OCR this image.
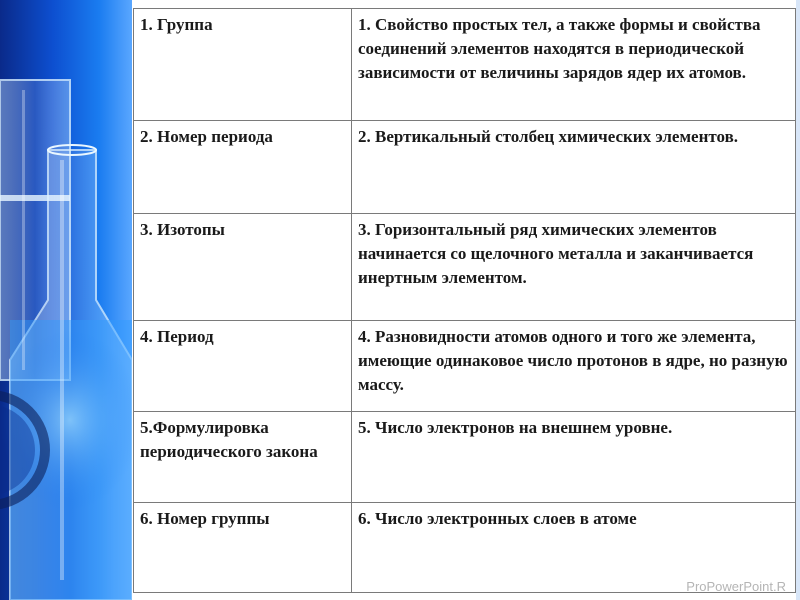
1. Группа	1. Свойство простых тел, а также формы и свойства соединений элементов находятся в периодической зависимости от величины зарядов ядер их атомов.
2. Номер периода	2. Вертикальный столбец химических элементов.
3. Изотопы	3. Горизонтальный ряд химических элементов начинается со щелочного металла и заканчивается инертным элементом.
4. Период	4. Разновидности атомов одного и того же элемента, имеющие одинаковое число протонов в ядре, но разную массу.
5.Формулировка периодического закона	5. Число электронов на внешнем уровне.
6. Номер группы	6. Число электронных слоев в атоме
ProPowerPoint.R
